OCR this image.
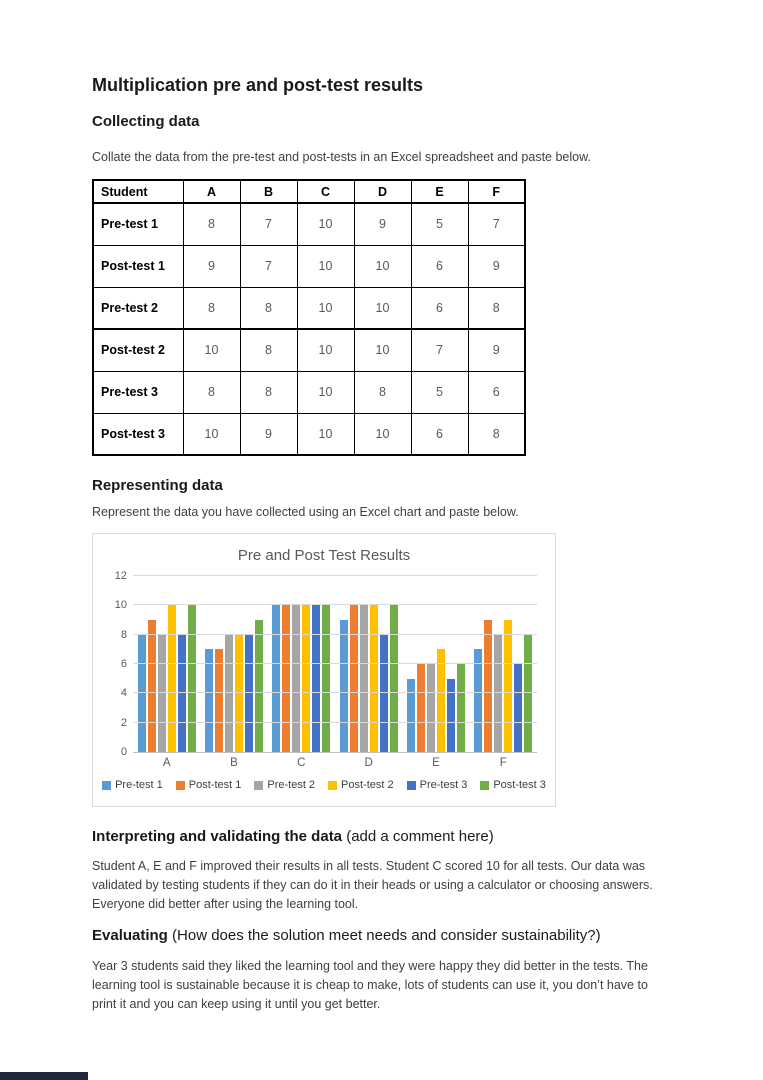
Multiplication pre and post-test results
Collecting data

Collate the data from the pre-test and post-tests in an Excel spreadsheet and paste below.

Student	A	B	C	D	E	F
Pre-test 1	8	7	10	9	5	7
Post-test 1	9	7	10	10	6	9
Pre-test 2	8	8	10	10	6	8
Post-test 2	10	8	10	10	7	9
Pre-test 3	8	8	10	8	5	6
Post-test 3	10	9	10	10	6	8
Representing data

Represent the data you have collected using an Excel chart and paste below.

Pre and Post Test Results
0
2
4
6
8
10
12
A	B	C	D	E	F
Pre-test 1 Post-test 1 Pre-test 2 Post-test 2 Pre-test 3 Post-test 3
Interpreting and validating the data (add a comment here)

Student A, E and F improved their results in all tests. Student C scored 10 for all tests. Our data was validated by testing students if they can do it in their heads or using a calculator or choosing answers. Everyone did better after using the learning tool.

Evaluating (How does the solution meet needs and consider sustainability?)

Year 3 students said they liked the learning tool and they were happy they did better in the tests. The learning tool is sustainable because it is cheap to make, lots of students can use it, you don’t have to print it and you can keep using it until you get better.
